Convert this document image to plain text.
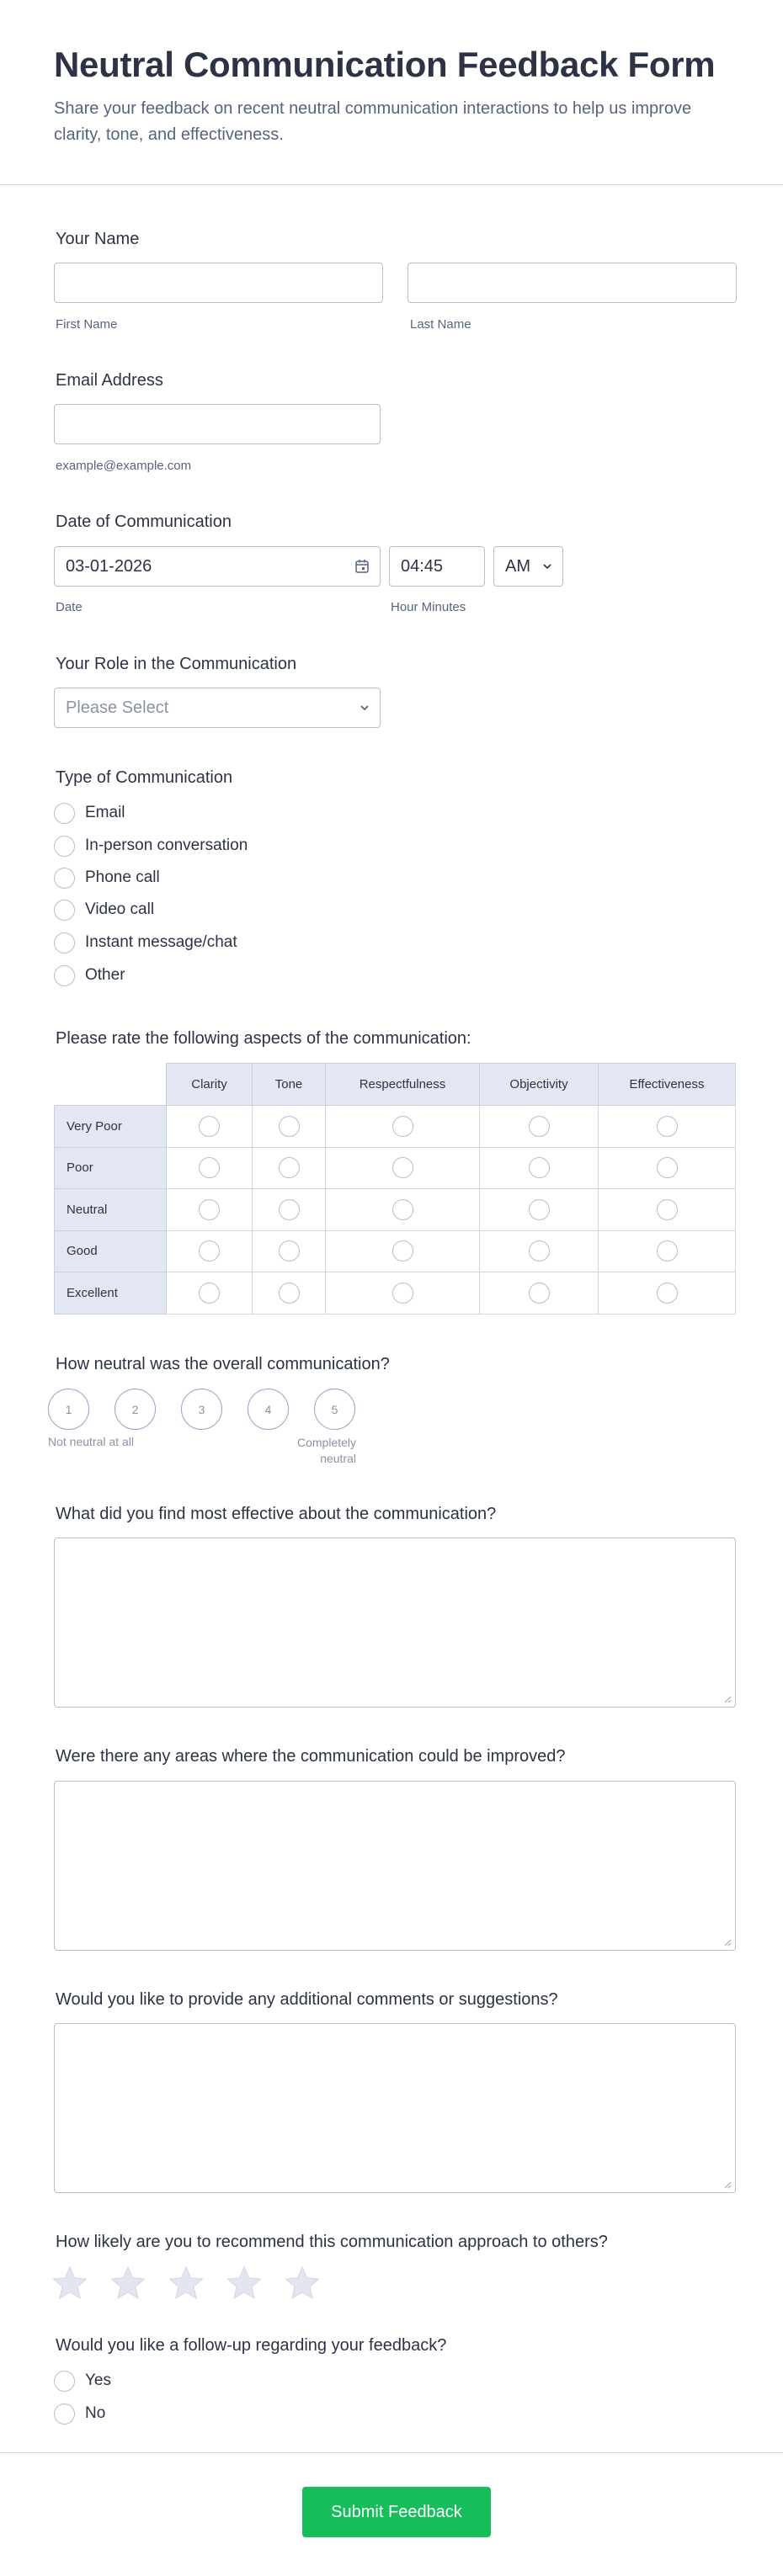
Neutral Communication Feedback Form

Share your feedback on recent neutral communication interactions to help us improve clarity, tone, and effectiveness.

Your Name
First Name	Last Name
Email Address
example@example.com
Date of Communication
03-01-2026	04:45	AM
Date	Hour Minutes
Your Role in the Communication
Please Select
Type of Communication
Email
In-person conversation
Phone call
Video call
Instant message/chat
Other
Please rate the following aspects of the communication:
	Clarity	Tone	Respectfulness	Objectivity	Effectiveness
Very Poor					
Poor					
Neutral					
Good					
Excellent					
How neutral was the overall communication?
1	2	3	4	5
Not neutral at all	Completely neutral
What did you find most effective about the communication?
Were there any areas where the communication could be improved?
Would you like to provide any additional comments or suggestions?
How likely are you to recommend this communication approach to others?
Would you like a follow-up regarding your feedback?
Yes
No
Submit Feedback
